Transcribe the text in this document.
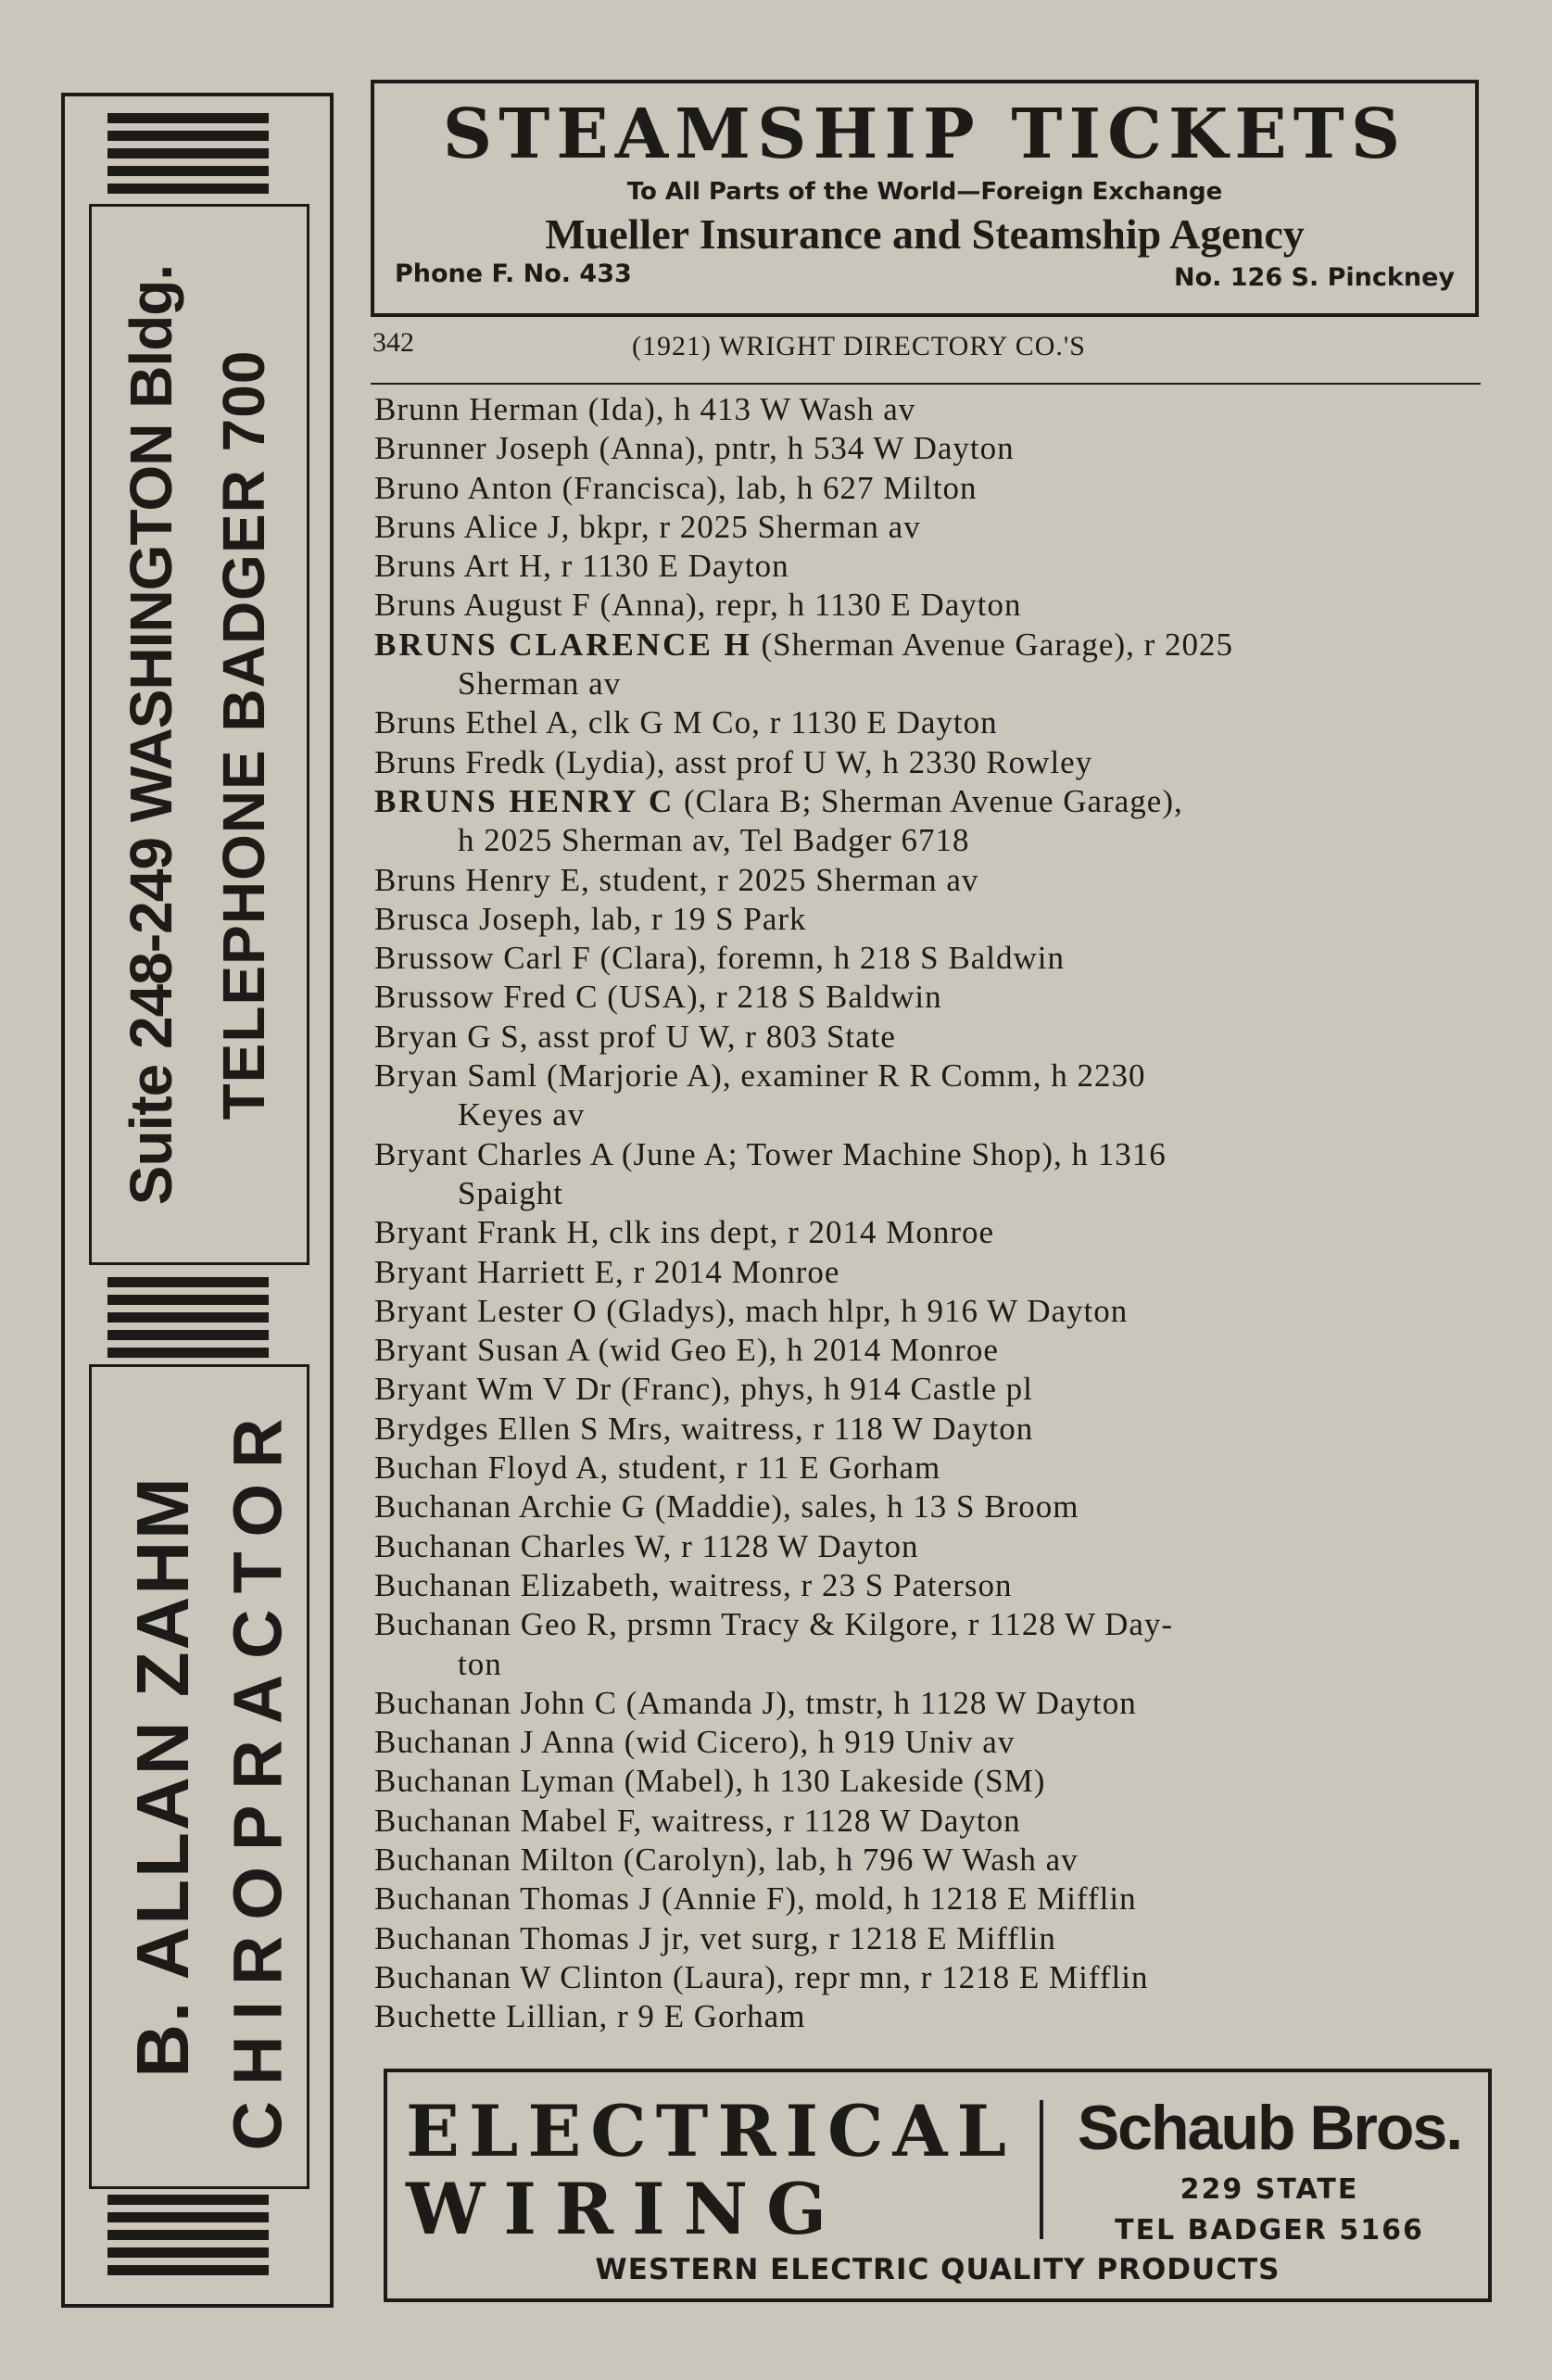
Suite 248-249 WASHINGTON Bldg. TELEPHONE BADGER 700
B. ALLAN ZAHM CHIROPRACTOR
STEAMSHIP TICKETS
To All Parts of the World—Foreign Exchange
Mueller Insurance and Steamship Agency
Phone F. No. 433	No. 126 S. Pinckney
342	(1921) WRIGHT DIRECTORY CO.'S
Brunn Herman (Ida), h 413 W Wash av
Brunner Joseph (Anna), pntr, h 534 W Dayton
Bruno Anton (Francisca), lab, h 627 Milton
Bruns Alice J, bkpr, r 2025 Sherman av
Bruns Art H, r 1130 E Dayton
Bruns August F (Anna), repr, h 1130 E Dayton
BRUNS CLARENCE H (Sherman Avenue Garage), r 2025
Sherman av
Bruns Ethel A, clk G M Co, r 1130 E Dayton
Bruns Fredk (Lydia), asst prof U W, h 2330 Rowley
BRUNS HENRY C (Clara B; Sherman Avenue Garage),
h 2025 Sherman av, Tel Badger 6718
Bruns Henry E, student, r 2025 Sherman av
Brusca Joseph, lab, r 19 S Park
Brussow Carl F (Clara), foremn, h 218 S Baldwin
Brussow Fred C (USA), r 218 S Baldwin
Bryan G S, asst prof U W, r 803 State
Bryan Saml (Marjorie A), examiner R R Comm, h 2230
Keyes av
Bryant Charles A (June A; Tower Machine Shop), h 1316
Spaight
Bryant Frank H, clk ins dept, r 2014 Monroe
Bryant Harriett E, r 2014 Monroe
Bryant Lester O (Gladys), mach hlpr, h 916 W Dayton
Bryant Susan A (wid Geo E), h 2014 Monroe
Bryant Wm V Dr (Franc), phys, h 914 Castle pl
Brydges Ellen S Mrs, waitress, r 118 W Dayton
Buchan Floyd A, student, r 11 E Gorham
Buchanan Archie G (Maddie), sales, h 13 S Broom
Buchanan Charles W, r 1128 W Dayton
Buchanan Elizabeth, waitress, r 23 S Paterson
Buchanan Geo R, prsmn Tracy & Kilgore, r 1128 W Day-
ton
Buchanan John C (Amanda J), tmstr, h 1128 W Dayton
Buchanan J Anna (wid Cicero), h 919 Univ av
Buchanan Lyman (Mabel), h 130 Lakeside (SM)
Buchanan Mabel F, waitress, r 1128 W Dayton
Buchanan Milton (Carolyn), lab, h 796 W Wash av
Buchanan Thomas J (Annie F), mold, h 1218 E Mifflin
Buchanan Thomas J jr, vet surg, r 1218 E Mifflin
Buchanan W Clinton (Laura), repr mn, r 1218 E Mifflin
Buchette Lillian, r 9 E Gorham
ELECTRICAL
WIRING
Schaub Bros.
229 STATE
TEL BADGER 5166
WESTERN ELECTRIC QUALITY PRODUCTS
